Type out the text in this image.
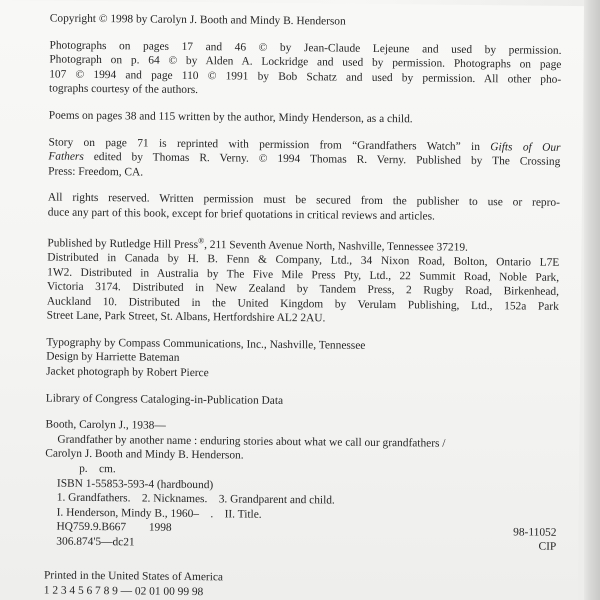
Copyright © 1998 by Carolyn J. Booth and Mindy B. Henderson
Photographs on pages 17 and 46 © by Jean-Claude Lejeune and used by permission.
Photograph on p. 64 © by Alden A. Lockridge and used by permission. Photographs on page
107 © 1994 and page 110 © 1991 by Bob Schatz and used by permission. All other pho-
tographs courtesy of the authors.
Poems on pages 38 and 115 written by the author, Mindy Henderson, as a child.
Story on page 71 is reprinted with permission from “Grandfathers Watch” in Gifts of Our
Fathers edited by Thomas R. Verny. © 1994 Thomas R. Verny. Published by The Crossing
Press: Freedom, CA.
All rights reserved. Written permission must be secured from the publisher to use or repro-
duce any part of this book, except for brief quotations in critical reviews and articles.
Published by Rutledge Hill Press®, 211 Seventh Avenue North, Nashville, Tennessee 37219.
Distributed in Canada by H. B. Fenn & Company, Ltd., 34 Nixon Road, Bolton, Ontario L7E
1W2. Distributed in Australia by The Five Mile Press Pty, Ltd., 22 Summit Road, Noble Park,
Victoria 3174. Distributed in New Zealand by Tandem Press, 2 Rugby Road, Birkenhead,
Auckland 10. Distributed in the United Kingdom by Verulam Publishing, Ltd., 152a Park
Street Lane, Park Street, St. Albans, Hertfordshire AL2 2AU.
Typography by Compass Communications, Inc., Nashville, Tennessee
Design by Harriette Bateman
Jacket photograph by Robert Pierce
Library of Congress Cataloging-in-Publication Data
Booth, Carolyn J., 1938—
Grandfather by another name : enduring stories about what we call our grandfathers /
Carolyn J. Booth and Mindy B. Henderson.
p.    cm.
ISBN 1-55853-593-4 (hardbound)
1. Grandfathers.    2. Nicknames.    3. Grandparent and child.
I. Henderson, Mindy B., 1960–    .    II. Title.
HQ759.9.B667        1998
306.874'5—dc21
98-11052
CIP
Printed in the United States of America
1 2 3 4 5 6 7 8 9 — 02 01 00 99 98
